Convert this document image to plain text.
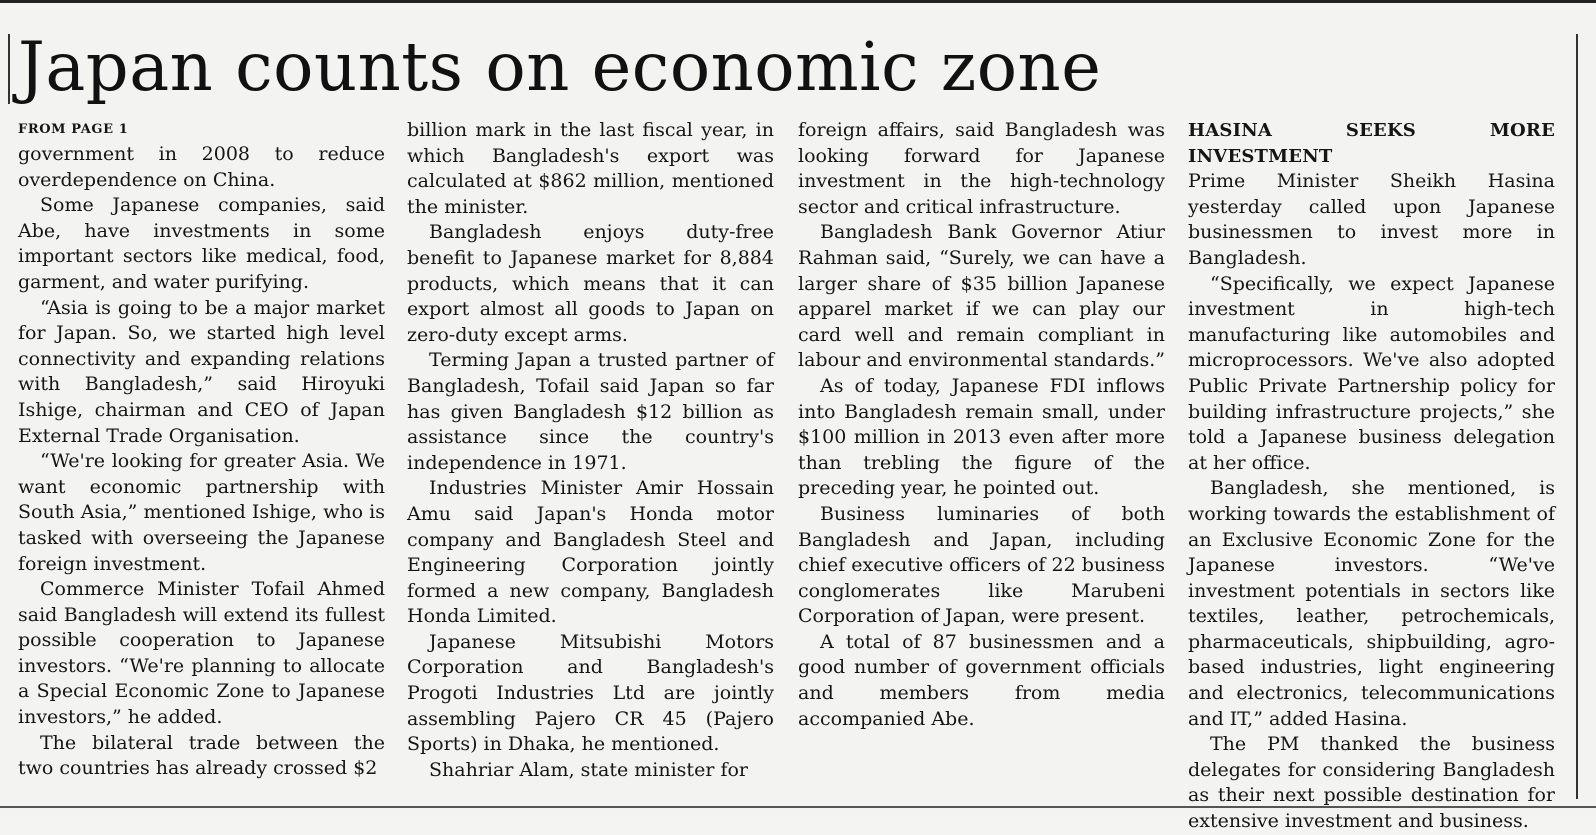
Japan counts on economic zone
FROM PAGE 1

government in 2008 to reduce overdependence on China.

Some Japanese companies, said Abe, have investments in some important sectors like medical, food, garment, and water purifying.

“Asia is going to be a major market for Japan. So, we started high level connectivity and expanding relations with Bangladesh,” said Hiroyuki Ishige, chairman and CEO of Japan External Trade Organisation.

“We're looking for greater Asia. We want economic partnership with South Asia,” mentioned Ishige, who is tasked with overseeing the Japanese foreign investment.

Commerce Minister Tofail Ahmed said Bangladesh will extend its fullest possible cooperation to Japanese investors. “We're planning to allocate a Special Economic Zone to Japanese investors,” he added.

The bilateral trade between the two countries has already crossed $2

billion mark in the last fiscal year, in which Bangladesh's export was calculated at $862 million, mentioned the minister.

Bangladesh enjoys duty-free benefit to Japanese market for 8,884 products, which means that it can export almost all goods to Japan on zero-duty except arms.

Terming Japan a trusted partner of Bangladesh, Tofail said Japan so far has given Bangladesh $12 billion as assistance since the country's independence in 1971.

Industries Minister Amir Hossain Amu said Japan's Honda motor company and Bangladesh Steel and Engineering Corporation jointly formed a new company, Bangladesh Honda Limited.

Japanese Mitsubishi Motors Corporation and Bangladesh's Progoti Industries Ltd are jointly assembling Pajero CR 45 (Pajero Sports) in Dhaka, he mentioned.

Shahriar Alam, state minister for

foreign affairs, said Bangladesh was looking forward for Japanese investment in the high-technology sector and critical infrastructure.

Bangladesh Bank Governor Atiur Rahman said, “Surely, we can have a larger share of $35 billion Japanese apparel market if we can play our card well and remain compliant in labour and environmental standards.”

As of today, Japanese FDI inflows into Bangladesh remain small, under $100 million in 2013 even after more than trebling the figure of the preceding year, he pointed out.

Business luminaries of both Bangladesh and Japan, including chief executive officers of 22 business conglomerates like Marubeni Corporation of Japan, were present.

A total of 87 businessmen and a good number of government officials and members from media accompanied Abe.

HASINA SEEKS MORE INVESTMENT

Prime Minister Sheikh Hasina yesterday called upon Japanese businessmen to invest more in Bangladesh.

“Specifically, we expect Japanese investment in high-tech manufacturing like automobiles and microprocessors. We've also adopted Public Private Partnership policy for building infrastructure projects,” she told a Japanese business delegation at her office.

Bangladesh, she mentioned, is working towards the establishment of an Exclusive Economic Zone for the Japanese investors. “We've investment potentials in sectors like textiles, leather, petrochemicals, pharmaceuticals, shipbuilding, agro-based industries, light engineering and electronics, telecommunications and IT,” added Hasina.

The PM thanked the business delegates for considering Bangladesh as their next possible destination for extensive investment and business.
